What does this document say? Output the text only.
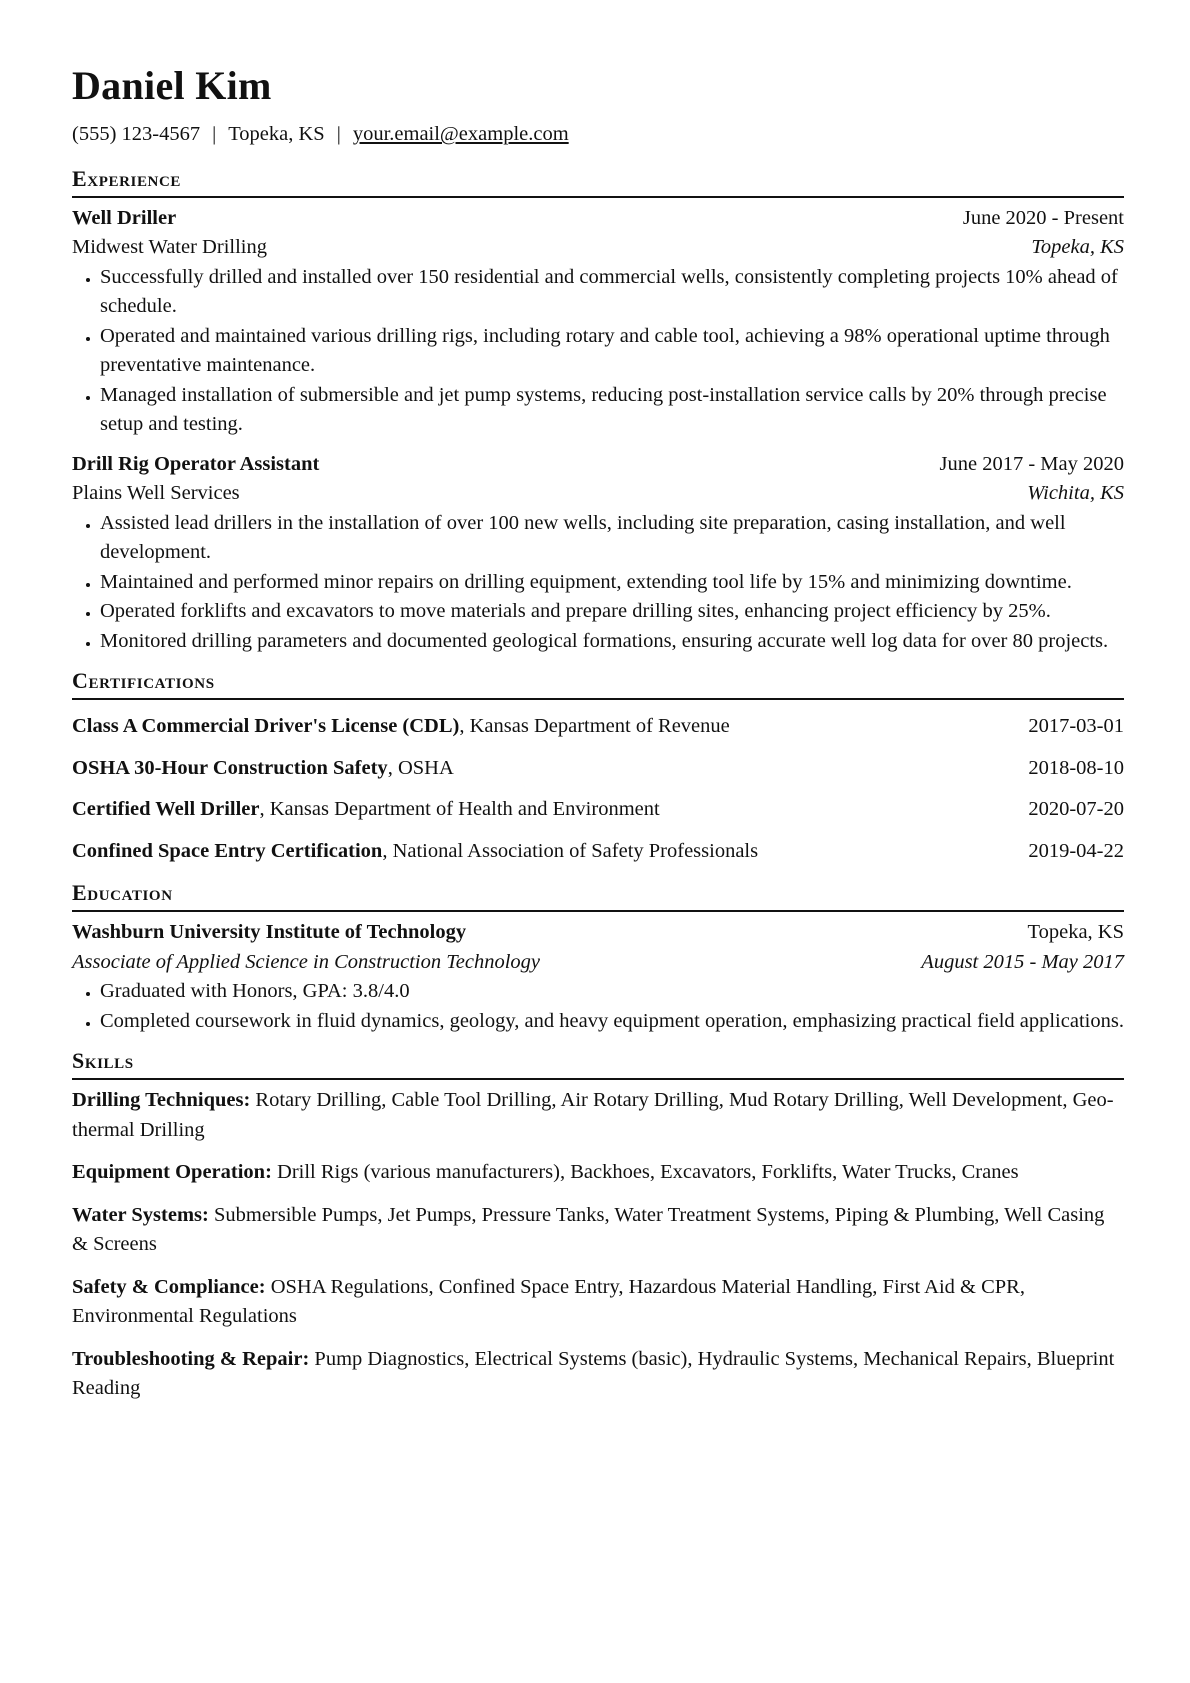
Daniel Kim
(555) 123-4567 | Topeka, KS | your.email@example.com
Experience
Well Driller	June 2020 - Present
Midwest Water Drilling	Topeka, KS
• Successfully drilled and installed over 150 residential and commercial wells, consistently completing projects 10% ahead of schedule.
• Operated and maintained various drilling rigs, including rotary and cable tool, achieving a 98% operational uptime through preventative maintenance.
• Managed installation of submersible and jet pump systems, reducing post-installation service calls by 20% through precise setup and testing.
Drill Rig Operator Assistant	June 2017 - May 2020
Plains Well Services	Wichita, KS
• Assisted lead drillers in the installation of over 100 new wells, including site preparation, casing installation, and well development.
• Maintained and performed minor repairs on drilling equipment, extending tool life by 15% and minimizing downtime.
• Operated forklifts and excavators to move materials and prepare drilling sites, enhancing project efficiency by 25%.
• Monitored drilling parameters and documented geological formations, ensuring accurate well log data for over 80 projects.
Certifications
Class A Commercial Driver's License (CDL), Kansas Department of Revenue	2017-03-01
OSHA 30-Hour Construction Safety, OSHA	2018-08-10
Certified Well Driller, Kansas Department of Health and Environment	2020-07-20
Confined Space Entry Certification, National Association of Safety Professionals	2019-04-22
Education
Washburn University Institute of Technology	Topeka, KS
Associate of Applied Science in Construction Technology	August 2015 - May 2017
• Graduated with Honors, GPA: 3.8/4.0
• Completed coursework in fluid dynamics, geology, and heavy equipment operation, emphasizing practical field applications.
Skills
Drilling Techniques: Rotary Drilling, Cable Tool Drilling, Air Rotary Drilling, Mud Rotary Drilling, Well Development, Geo-thermal Drilling
Equipment Operation: Drill Rigs (various manufacturers), Backhoes, Excavators, Forklifts, Water Trucks, Cranes
Water Systems: Submersible Pumps, Jet Pumps, Pressure Tanks, Water Treatment Systems, Piping & Plumbing, Well Casing & Screens
Safety & Compliance: OSHA Regulations, Confined Space Entry, Hazardous Material Handling, First Aid & CPR, Environmental Regulations
Troubleshooting & Repair: Pump Diagnostics, Electrical Systems (basic), Hydraulic Systems, Mechanical Repairs, Blueprint Reading
